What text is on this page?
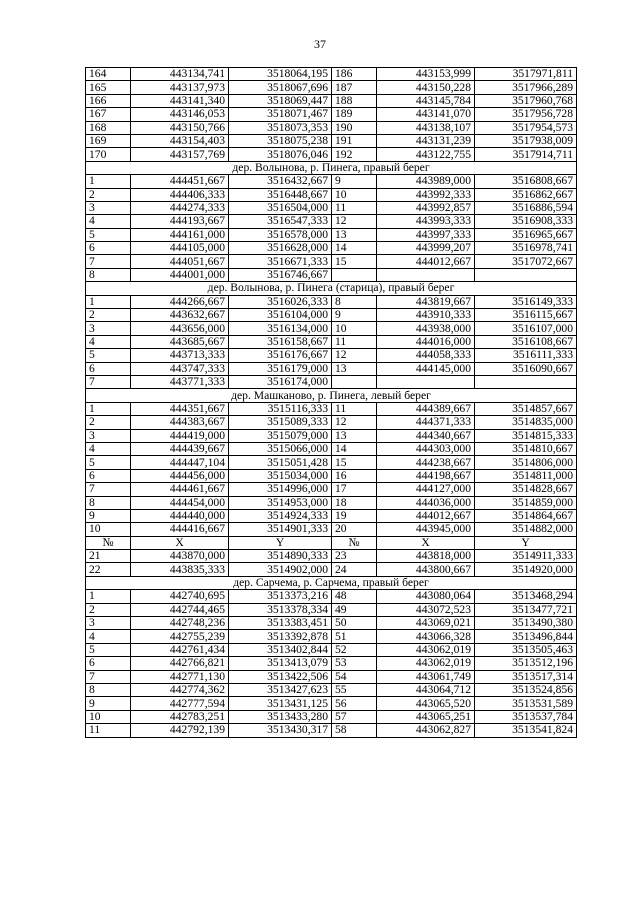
37
164	443134,741	3518064,195	186	443153,999	3517971,811
165	443137,973	3518067,696	187	443150,228	3517966,289
166	443141,340	3518069,447	188	443145,784	3517960,768
167	443146,053	3518071,467	189	443141,070	3517956,728
168	443150,766	3518073,353	190	443138,107	3517954,573
169	443154,403	3518075,238	191	443131,239	3517938,009
170	443157,769	3518076,046	192	443122,755	3517914,711
дер. Волынова, р. Пинега, правый берег					
1	444451,667	3516432,667	9	443989,000	3516808,667
2	444406,333	3516448,667	10	443992,333	3516862,667
3	444274,333	3516504,000	11	443992,857	3516886,594
4	444193,667	3516547,333	12	443993,333	3516908,333
5	444161,000	3516578,000	13	443997,333	3516965,667
6	444105,000	3516628,000	14	443999,207	3516978,741
7	444051,667	3516671,333	15	444012,667	3517072,667
8	444001,000	3516746,667			
дер. Волынова, р. Пинега (старица), правый берег					
1	444266,667	3516026,333	8	443819,667	3516149,333
2	443632,667	3516104,000	9	443910,333	3516115,667
3	443656,000	3516134,000	10	443938,000	3516107,000
4	443685,667	3516158,667	11	444016,000	3516108,667
5	443713,333	3516176,667	12	444058,333	3516111,333
6	443747,333	3516179,000	13	444145,000	3516090,667
7	443771,333	3516174,000			
дер. Машканово, р. Пинега, левый берег					
1	444351,667	3515116,333	11	444389,667	3514857,667
2	444383,667	3515089,333	12	444371,333	3514835,000
3	444419,000	3515079,000	13	444340,667	3514815,333
4	444439,667	3515066,000	14	444303,000	3514810,667
5	444447,104	3515051,428	15	444238,667	3514806,000
6	444456,000	3515034,000	16	444198,667	3514811,000
7	444461,667	3514996,000	17	444127,000	3514828,667
8	444454,000	3514953,000	18	444036,000	3514859,000
9	444440,000	3514924,333	19	444012,667	3514864,667
10	444416,667	3514901,333	20	443945,000	3514882,000
№	X	Y	№	X	Y
21	443870,000	3514890,333	23	443818,000	3514911,333
22	443835,333	3514902,000	24	443800,667	3514920,000
дер. Сарчема, р. Сарчема, правый берег					
1	442740,695	3513373,216	48	443080,064	3513468,294
2	442744,465	3513378,334	49	443072,523	3513477,721
3	442748,236	3513383,451	50	443069,021	3513490,380
4	442755,239	3513392,878	51	443066,328	3513496,844
5	442761,434	3513402,844	52	443062,019	3513505,463
6	442766,821	3513413,079	53	443062,019	3513512,196
7	442771,130	3513422,506	54	443061,749	3513517,314
8	442774,362	3513427,623	55	443064,712	3513524,856
9	442777,594	3513431,125	56	443065,520	3513531,589
10	442783,251	3513433,280	57	443065,251	3513537,784
11	442792,139	3513430,317	58	443062,827	3513541,824
